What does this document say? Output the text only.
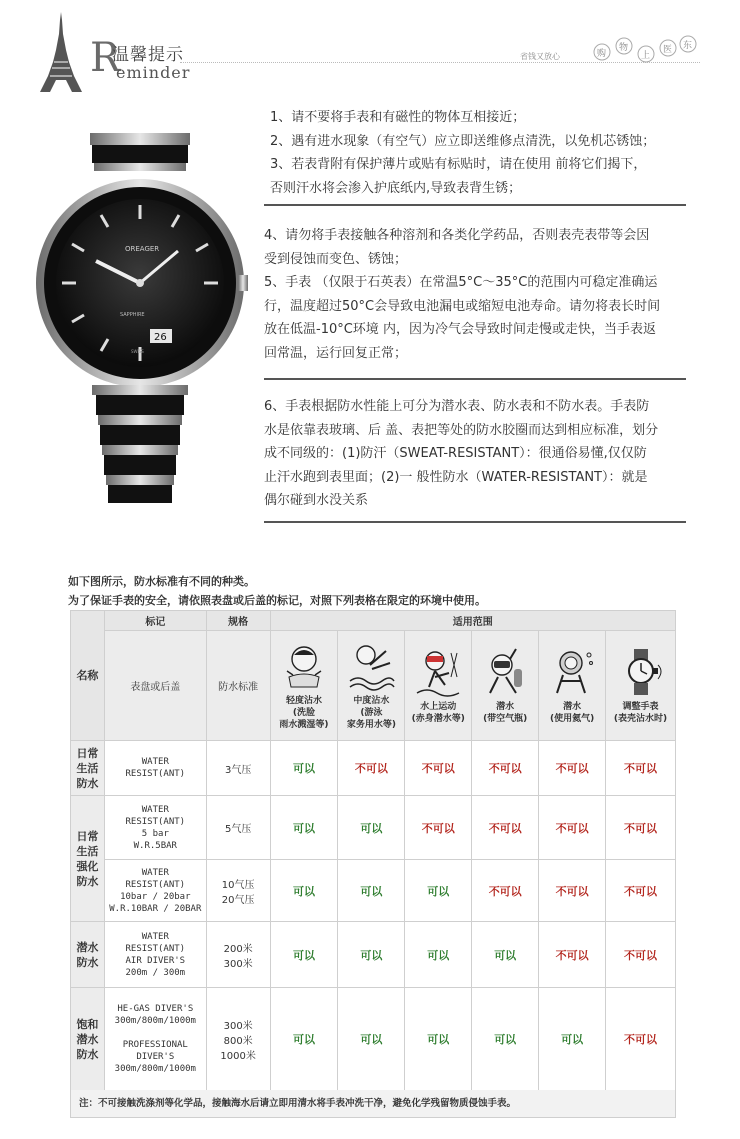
R
温馨提示
eminder
省钱又放心	购
物
上
医 东
26
OREAGER
SAPPHIRE
SWISS
1、请不要将手表和有磁性的物体互相接近；
2、遇有进水现象（有空气）应立即送维修点清洗，以免机芯锈蚀；
3、若表背附有保护薄片或贴有标贴时，请在使用 前将它们揭下，
否则汗水将会渗入护底纸内,导致表背生锈；
4、请勿将手表接触各种溶剂和各类化学药品，否则表壳表带等会因
受到侵蚀而变色、锈蚀；
5、手表 （仅限于石英表）在常温5°C～35°C的范围内可稳定准确运
行，温度超过50°C会导致电池漏电或缩短电池寿命。请勿将表长时间
放在低温-10°C环境 内，因为冷气会导致时间走慢或走快，当手表返
回常温，运行回复正常；
6、手表根据防水性能上可分为潜水表、防水表和不防水表。手表防
水是依靠表玻璃、后 盖、表把等处的防水胶圈而达到相应标准，划分
成不同级的：(1)防汗（SWEAT-RESISTANT）：很通俗易懂,仅仅防
止汗水跑到表里面；(2)一 般性防水（WATER-RESISTANT）：就是
偶尔碰到水没关系
如下图所示，防水标准有不同的种类。
为了保证手表的安全，请依照表盘或后盖的标记，对照下列表格在限定的环境中使用。
名称	标记	规格	适用范围					
	表盘或后盖	防水标准	轻度沾水
(洗脸
雨水溅湿等)	中度沾水
(游泳
家务用水等)	水上运动
(赤身潜水等)	潜水
(带空气瓶)	潜水
(使用氦气)	调整手表
(表壳沾水时)

日常
生活
防水	WATER
RESIST(ANT)	3气压	可以	不可以	不可以	不可以	不可以	不可以
日常
生活
强化
防水	WATER
RESIST(ANT)
5 bar
W.R.5BAR	5气压	可以	可以	不可以	不可以	不可以	不可以
	WATER
RESIST(ANT)
10bar / 20bar
W.R.10BAR / 20BAR	10气压
20气压	可以	可以	可以	不可以	不可以	不可以
潜水
防水	WATER
RESIST(ANT)
AIR DIVER'S
200m / 300m	200米
300米	可以	可以	可以	可以	不可以	不可以
饱和
潜水
防水	HE-GAS DIVER'S
300m/800m/1000m

PROFESSIONAL
DIVER'S
300m/800m/1000m	300米
800米
1000米	可以	可以	可以	可以	可以	不可以
注：不可接触洗涤剂等化学品，接触海水后请立即用清水将手表冲洗干净，避免化学残留物质侵蚀手表。
